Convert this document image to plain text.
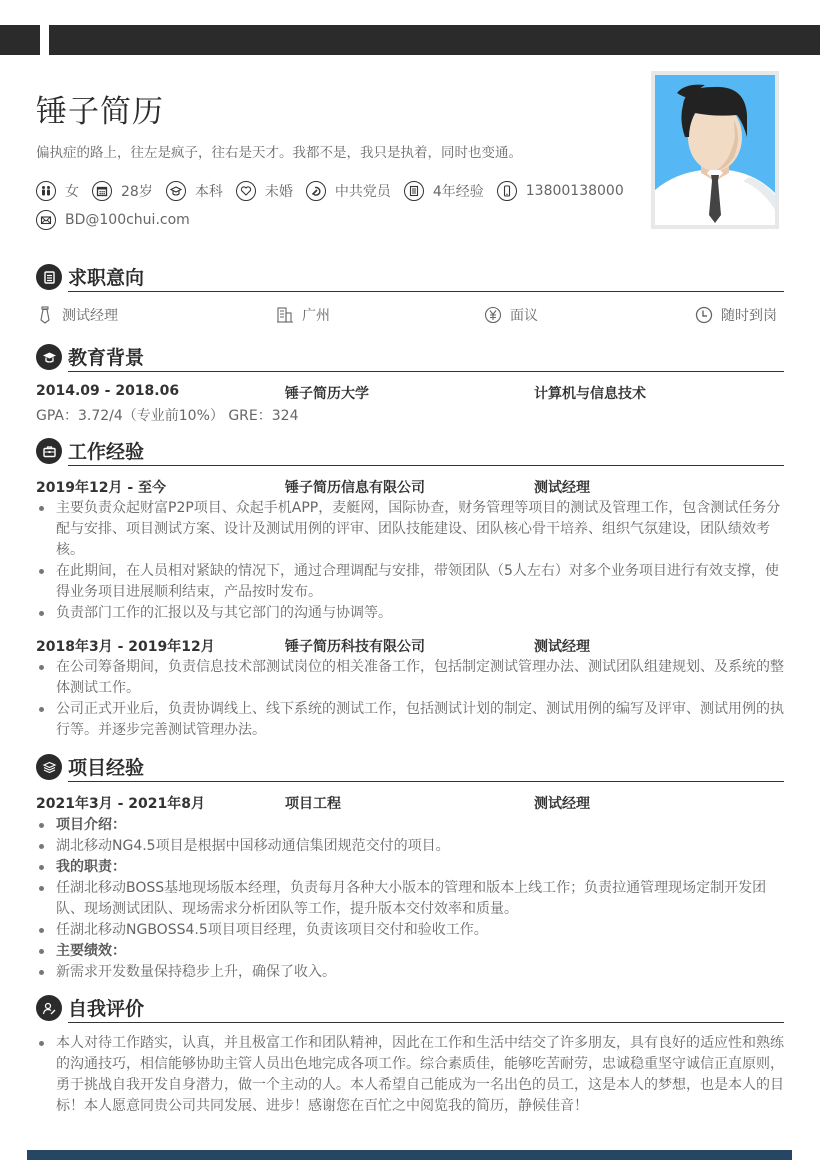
锤子简历

偏执症的路上，往左是疯子，往右是天才。我都不是，我只是执着，同时也变通。

女	28岁	本科	未婚	中共党员	4年经验	13800138000
BD@100chui.com
求职意向
测试经理	广州	面议	随时到岗
教育背景
2014.09 - 2018.06	锤子简历大学	计算机与信息技术
GPA：3.72/4（专业前10%） GRE：324
工作经验
2019年12月 - 至今	锤子简历信息有限公司	测试经理
主要负责众起财富P2P项目、众起手机APP，麦艇网，国际协查，财务管理等项目的测试及管理工作，包含测试任务分配与安排、项目测试方案、设计及测试用例的评审、团队技能建设、团队核心骨干培养、组织气氛建设，团队绩效考核。
在此期间，在人员相对紧缺的情况下，通过合理调配与安排，带领团队（5人左右）对多个业务项目进行有效支撑，使得业务项目进展顺利结束，产品按时发布。
负责部门工作的汇报以及与其它部门的沟通与协调等。
2018年3月 - 2019年12月	锤子简历科技有限公司	测试经理
在公司筹备期间，负责信息技术部测试岗位的相关准备工作，包括制定测试管理办法、测试团队组建规划、及系统的整体测试工作。
公司正式开业后，负责协调线上、线下系统的测试工作，包括测试计划的制定、测试用例的编写及评审、测试用例的执行等。并逐步完善测试管理办法。
项目经验
2021年3月 - 2021年8月	项目工程	测试经理
项目介绍：
湖北移动NG4.5项目是根据中国移动通信集团规范交付的项目。
我的职责：
任湖北移动BOSS基地现场版本经理，负责每月各种大小版本的管理和版本上线工作；负责拉通管理现场定制开发团队、现场测试团队、现场需求分析团队等工作，提升版本交付效率和质量。
任湖北移动NGBOSS4.5项目项目经理，负责该项目交付和验收工作。
主要绩效：
新需求开发数量保持稳步上升，确保了收入。
自我评价
本人对待工作踏实，认真，并且极富工作和团队精神，因此在工作和生活中结交了许多朋友，具有良好的适应性和熟练的沟通技巧，相信能够协助主管人员出色地完成各项工作。综合素质佳，能够吃苦耐劳，忠诚稳重坚守诚信正直原则，勇于挑战自我开发自身潜力，做一个主动的人。本人希望自己能成为一名出色的员工，这是本人的梦想，也是本人的目标！本人愿意同贵公司共同发展、进步！感谢您在百忙之中阅览我的简历，静候佳音！
